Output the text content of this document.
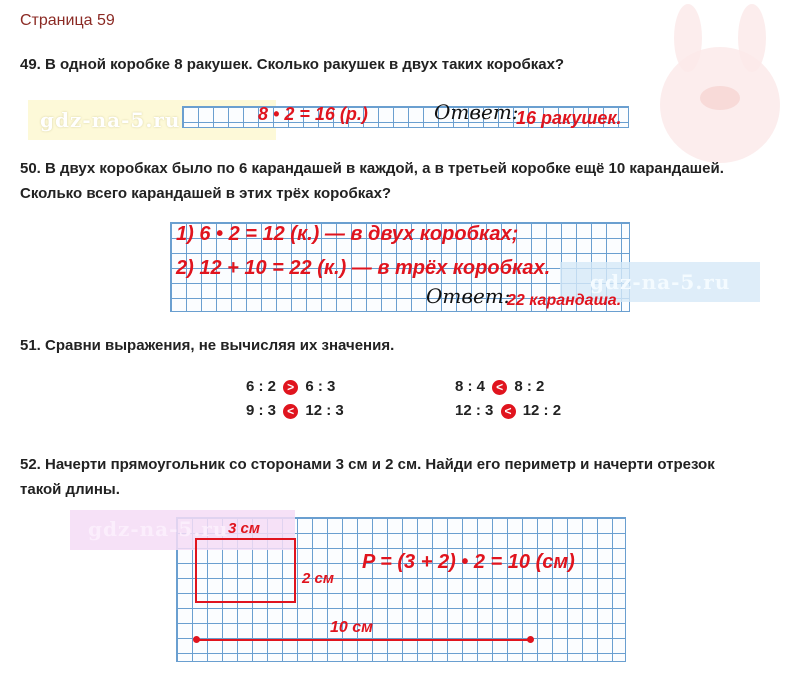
Страница 59
49. В одной коробке 8 ракушек. Сколько ракушек в двух таких коробках?
gdz-na-5.ru	8 • 2 = 16 (р.)	Ответ:
16 ракушек.
50. В двух коробках было по 6 карандашей в каждой, а в третьей коробке ещё 10 карандашей.
Сколько всего карандашей в этих трёх коробках?
gdz-na-5.ru
1) 6 • 2 = 12 (к.) — в двух коробках;
2) 12 + 10 = 22 (к.) — в трёх коробках.
Ответ:
22 карандаша.
51. Сравни выражения, не вычисляя их значения.
6 : 2 > 6 : 3
9 : 3 < 12 : 3
8 : 4 < 8 : 2
12 : 3 < 12 : 2
52. Начерти прямоугольник со сторонами 3 см и 2 см. Найди его периметр и начерти отрезок
такой длины.
gdz-na-5.ru 3 см
2 см
P = (3 + 2) • 2 = 10 (см)
10 см
